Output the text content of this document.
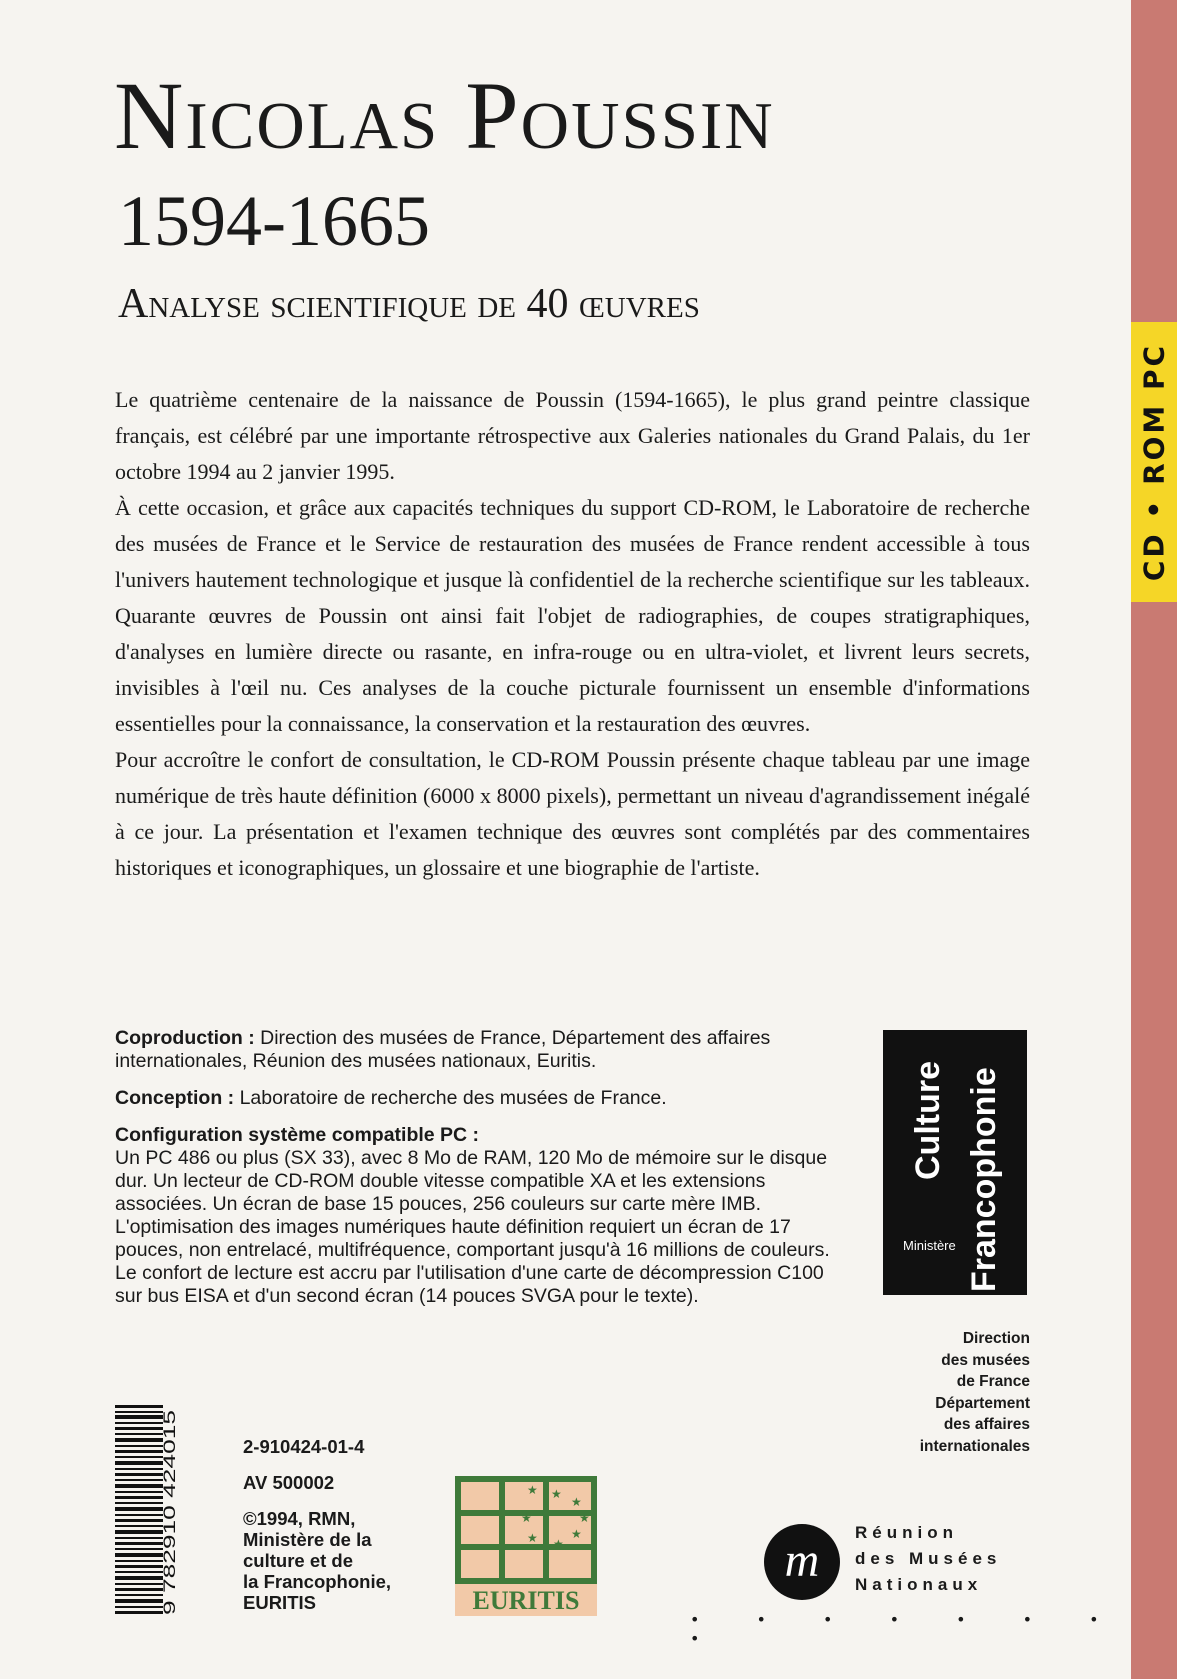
CD • ROM PC
Nicolas Poussin
1594-1665
Analyse scientifique de 40 œuvres

Le quatrième centenaire de la naissance de Poussin (1594-1665), le plus grand peintre classique français, est célébré par une importante rétrospective aux Galeries nationales du Grand Palais, du 1er octobre 1994 au 2 janvier 1995.

À cette occasion, et grâce aux capacités techniques du support CD-ROM, le Laboratoire de recherche des musées de France et le Service de restauration des musées de France rendent accessible à tous l'univers hautement technologique et jusque là confidentiel de la recherche scientifique sur les tableaux. Quarante œuvres de Poussin ont ainsi fait l'objet de radiographies, de coupes stratigraphiques, d'analyses en lumière directe ou rasante, en infra-rouge ou en ultra-violet, et livrent leurs secrets, invisibles à l'œil nu. Ces analyses de la couche picturale fournissent un ensemble d'informations essentielles pour la connaissance, la conservation et la restauration des œuvres.

Pour accroître le confort de consultation, le CD-ROM Poussin présente chaque tableau par une image numérique de très haute définition (6000 x 8000 pixels), permettant un niveau d'agrandissement inégalé à ce jour. La présentation et l'examen technique des œuvres sont complétés par des commentaires historiques et iconographiques, un glossaire et une biographie de l'artiste.

Coproduction : Direction des musées de France, Département des affaires internationales, Réunion des musées nationaux, Euritis.

Conception : Laboratoire de recherche des musées de France.

Configuration système compatible PC :
Un PC 486 ou plus (SX 33), avec 8 Mo de RAM, 120 Mo de mémoire sur le disque dur. Un lecteur de CD-ROM double vitesse compatible XA et les extensions associées. Un écran de base 15 pouces, 256 couleurs sur carte mère IMB. L'optimisation des images numériques haute définition requiert un écran de 17 pouces, non entrelacé, multifréquence, comportant jusqu'à 16 millions de couleurs. Le confort de lecture est accru par l'utilisation d'une carte de décompression C100 sur bus EISA et d'un second écran (14 pouces SVGA pour le texte).

Culture Francophonie
Ministère
Direction
des musées
de France
Département
des affaires
internationales
9 782910 424015
2-910424-01-4
AV 500002
©1994, RMN,
Ministère de la
culture et de
la Francophonie,
EURITIS
★ ★
★
★	★
★ ★
★
EURITIS
m
Réunion
des Musées
Nationaux
• • • • • • • •
